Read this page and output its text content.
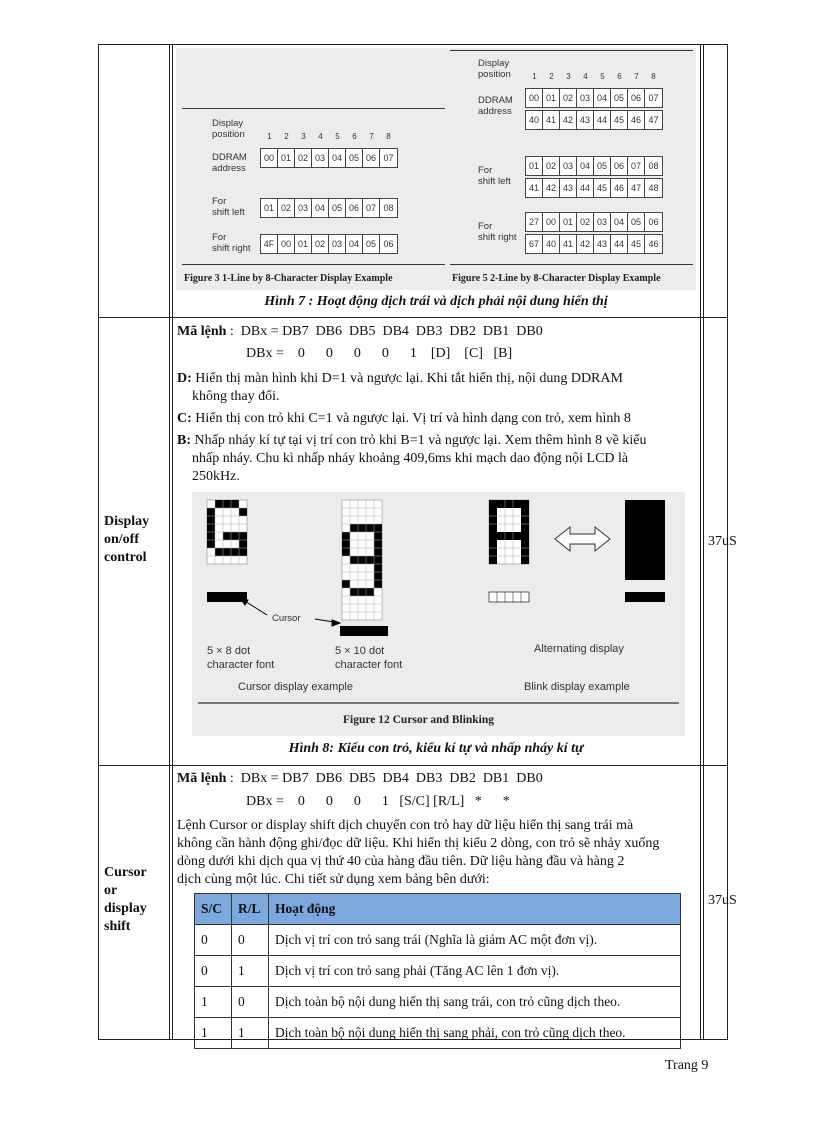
Display
position	1	2	3	4	5	6	7	8
DDRAM
address
00 01 02 03 04 05 06 07
For
shift left	01 02 03 04 05 06 07 08
For
shift right	4F 00 01 02 03 04 05 06
Figure 3 1-Line by 8-Character Display Example
Display
position	1	2	3	4	5	6	7	8
DDRAM
address
00 01 02 03 04 05 06 07
40 41 42 43 44 45 46 47
For
shift left
01 02 03 04 05 06 07 08
41 42 43 44 45 46 47 48
For
shift right
27 00 01 02 03 04 05 06
67 40 41 42 43 44 45 46
Figure 5 2-Line by 8-Character Display Example
Hình 7 : Hoạt động dịch trái và dịch phải nội dung hiển thị
Display
on/off
control
37uS
Mã lệnh :  DBx = DB7  DB6  DB5  DB4  DB3  DB2  DB1  DB0
DBx =    0      0      0      0      1    [D]    [C]   [B]
D: Hiển thị màn hình khi D=1 và ngược lại. Khi tắt hiển thị, nội dung DDRAM
không thay đổi.
C: Hiển thị con trỏ khi C=1 và ngược lại. Vị trí và hình dạng con trỏ, xem hình 8
B: Nhấp nháy kí tự tại vị trí con trỏ khi B=1 và ngược lại. Xem thêm hình 8 về kiểu
nhấp nháy. Chu kì nhấp nháy khoảng 409,6ms khi mạch dao động nội LCD là
250kHz.
Cursor
5 × 8 dot
character font
5 × 10 dot
character font
Alternating display
Cursor display example	Blink display example
Figure 12 Cursor and Blinking
Hình 8: Kiểu con trỏ, kiểu kí tự và nhấp nháy kí tự
Cursor
or
display
shift
37uS
Mã lệnh :  DBx = DB7  DB6  DB5  DB4  DB3  DB2  DB1  DB0
DBx =    0      0      0      1   [S/C] [R/L]   *      *
Lệnh Cursor or display shift dịch chuyển con trỏ hay dữ liệu hiển thị sang trái mà
không cần hành động ghi/đọc dữ liệu. Khi hiển thị kiểu 2 dòng, con trỏ sẽ nhảy xuống
dòng dưới khi dịch qua vị thứ 40 của hàng đầu tiên. Dữ liệu hàng đầu và hàng 2
dịch cùng một lúc. Chi tiết sử dụng xem bảng bên dưới:
S/C	R/L	Hoạt động
0	0	Dịch vị trí con trỏ sang trái (Nghĩa là giảm AC một đơn vị).
0	1	Dịch vị trí con trỏ sang phải (Tăng AC lên 1 đơn vị).
1	0	Dịch toàn bộ nội dung hiển thị sang trái, con trỏ cũng dịch theo.
1	1	Dịch toàn bộ nội dung hiển thị sang phải, con trỏ cũng dịch theo.
Trang 9
